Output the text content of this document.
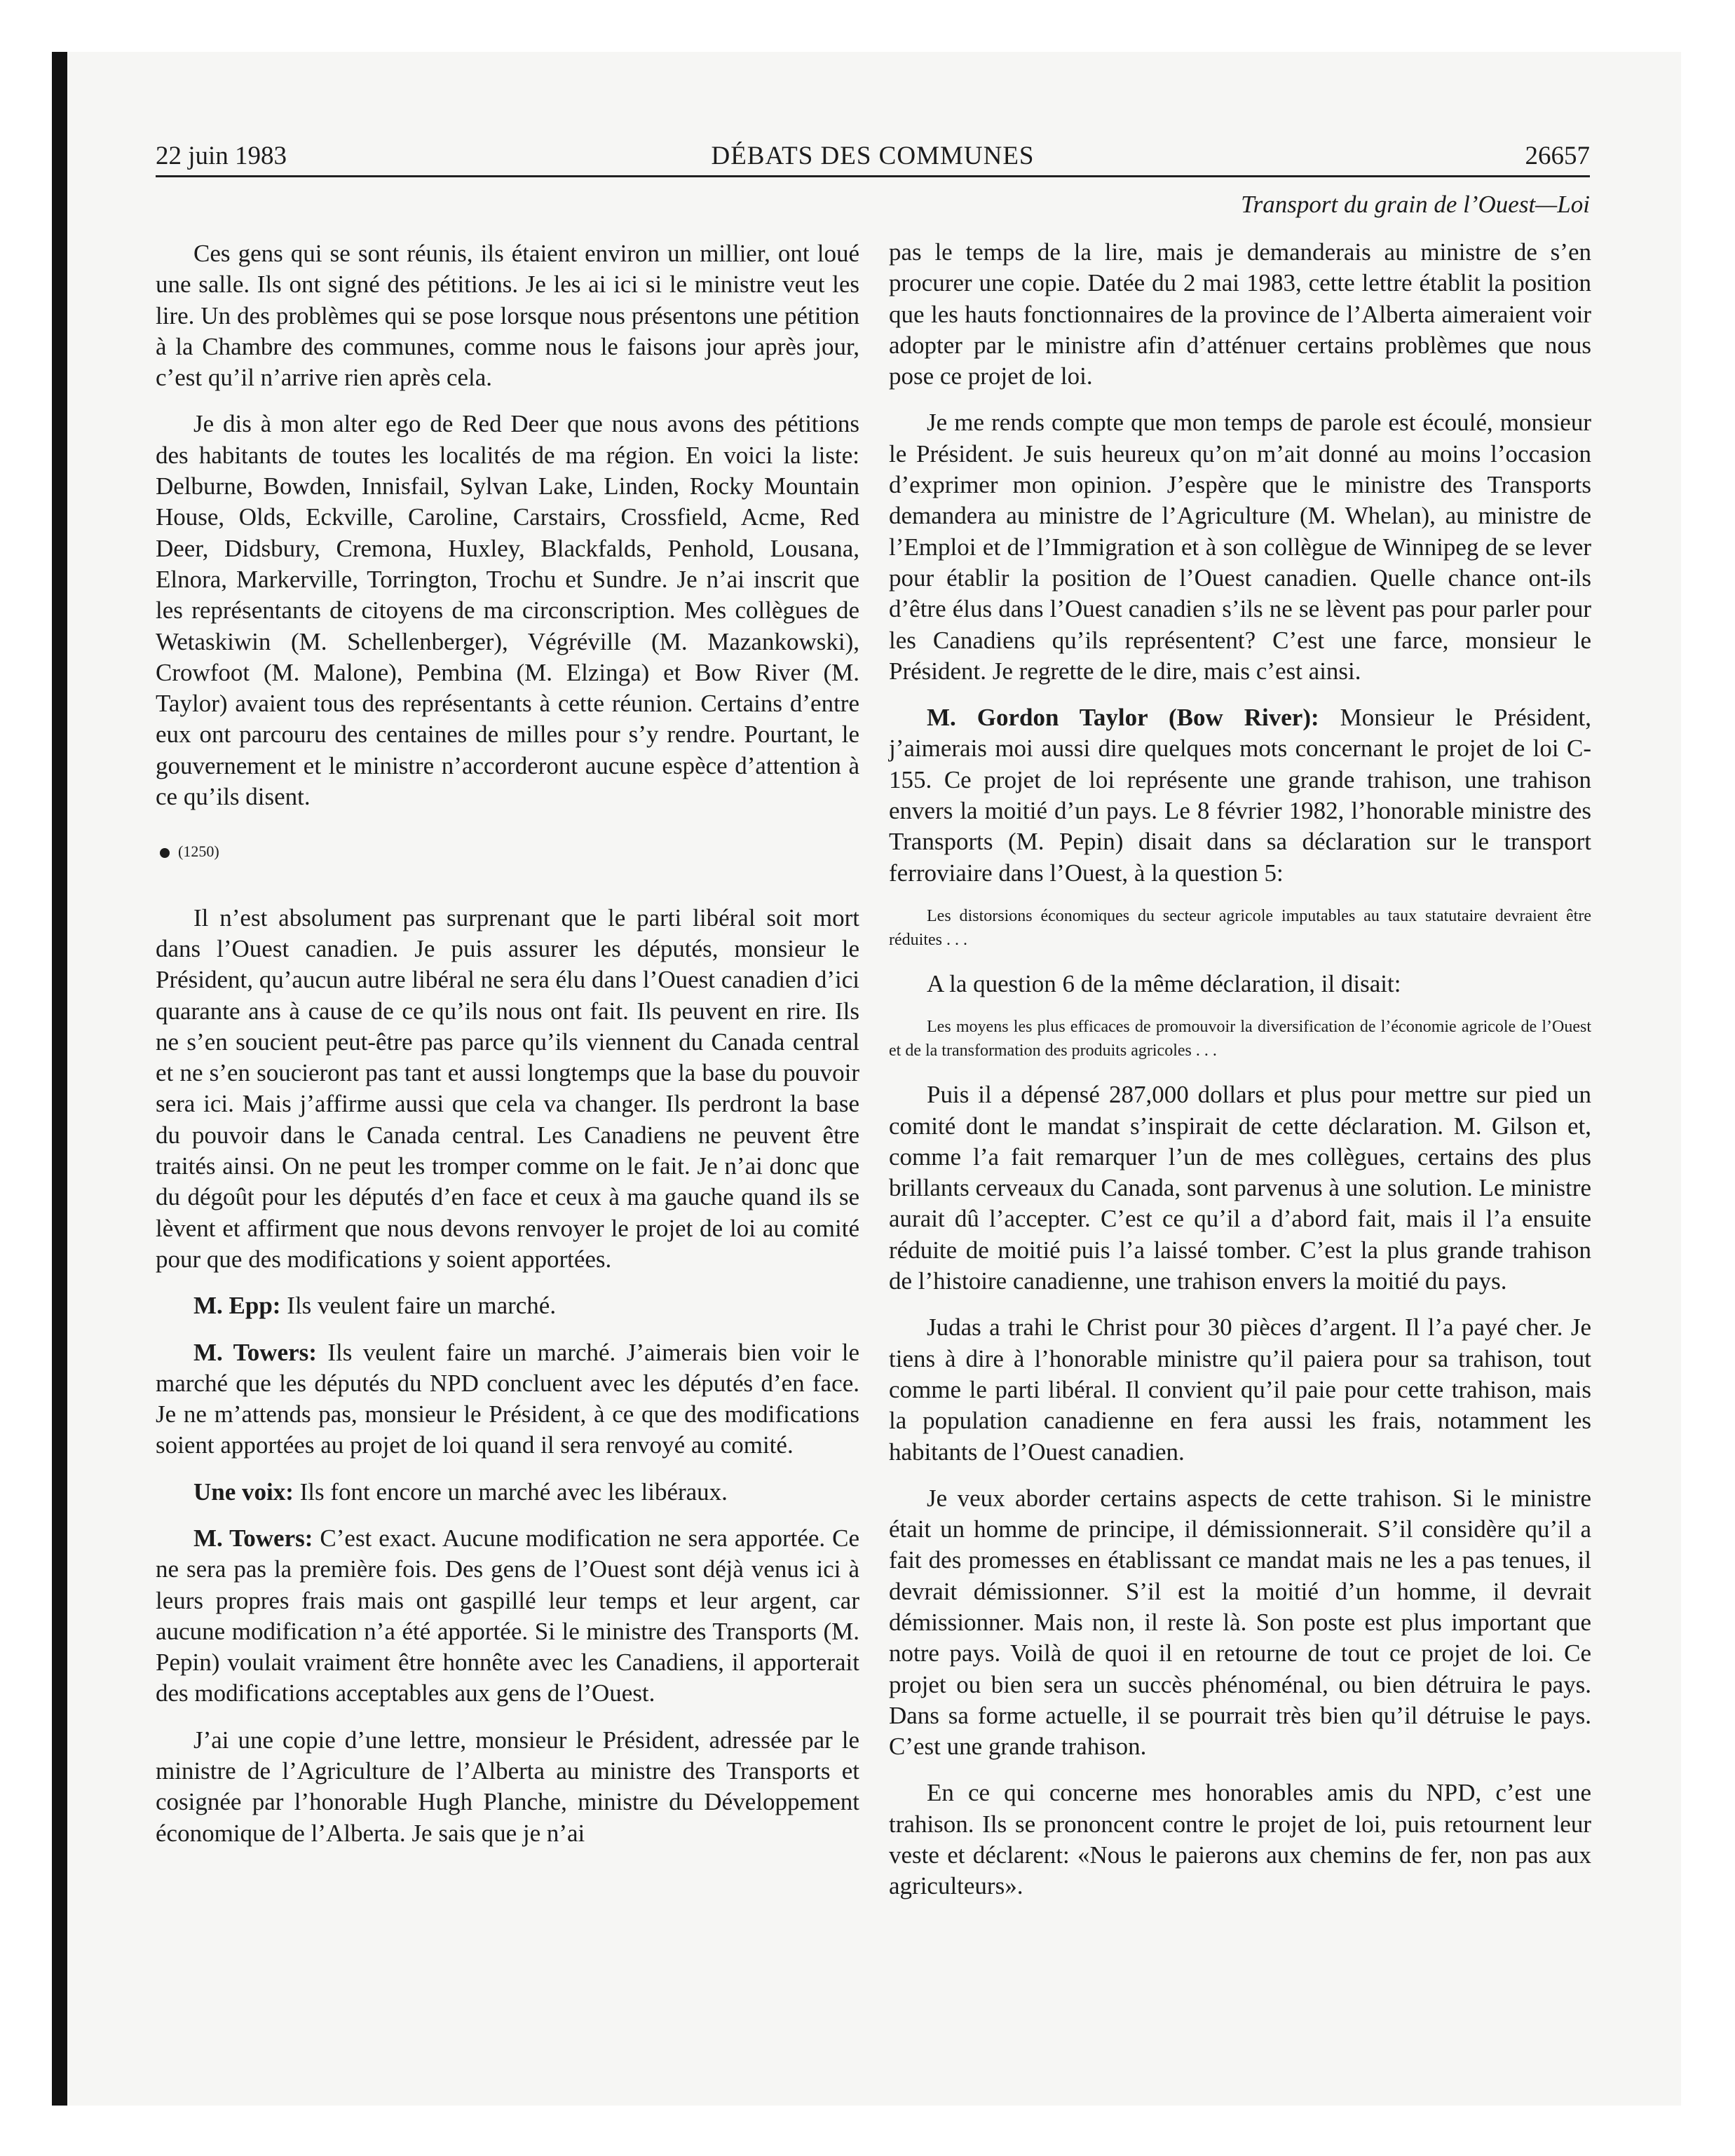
22 juin 1983	DÉBATS DES COMMUNES	26657
Transport du grain de l’Ouest—Loi

Ces gens qui se sont réunis, ils étaient environ un millier, ont loué une salle. Ils ont signé des pétitions. Je les ai ici si le ministre veut les lire. Un des problèmes qui se pose lorsque nous présentons une pétition à la Chambre des communes, comme nous le faisons jour après jour, c’est qu’il n’arrive rien après cela.

Je dis à mon alter ego de Red Deer que nous avons des pétitions des habitants de toutes les localités de ma région. En voici la liste: Delburne, Bowden, Innisfail, Sylvan Lake, Linden, Rocky Mountain House, Olds, Eckville, Caroline, Carstairs, Crossfield, Acme, Red Deer, Didsbury, Cremona, Huxley, Blackfalds, Penhold, Lousana, Elnora, Markerville, Torrington, Trochu et Sundre. Je n’ai inscrit que les représentants de citoyens de ma circonscription. Mes collègues de Wetaskiwin (M. Schellenberger), Végréville (M. Mazankowski), Crowfoot (M. Malone), Pembina (M. Elzinga) et Bow River (M. Taylor) avaient tous des représentants à cette réunion. Certains d’entre eux ont parcouru des centaines de milles pour s’y rendre. Pourtant, le gouvernement et le ministre n’accorderont aucune espèce d’attention à ce qu’ils disent.

(1250)

Il n’est absolument pas surprenant que le parti libéral soit mort dans l’Ouest canadien. Je puis assurer les députés, monsieur le Président, qu’aucun autre libéral ne sera élu dans l’Ouest canadien d’ici quarante ans à cause de ce qu’ils nous ont fait. Ils peuvent en rire. Ils ne s’en soucient peut-être pas parce qu’ils viennent du Canada central et ne s’en soucieront pas tant et aussi longtemps que la base du pouvoir sera ici. Mais j’affirme aussi que cela va changer. Ils perdront la base du pouvoir dans le Canada central. Les Canadiens ne peuvent être traités ainsi. On ne peut les tromper comme on le fait. Je n’ai donc que du dégoût pour les députés d’en face et ceux à ma gauche quand ils se lèvent et affirment que nous devons renvoyer le projet de loi au comité pour que des modifications y soient apportées.

M. Epp: Ils veulent faire un marché.

M. Towers: Ils veulent faire un marché. J’aimerais bien voir le marché que les députés du NPD concluent avec les députés d’en face. Je ne m’attends pas, monsieur le Président, à ce que des modifications soient apportées au projet de loi quand il sera renvoyé au comité.

Une voix: Ils font encore un marché avec les libéraux.

M. Towers: C’est exact. Aucune modification ne sera apportée. Ce ne sera pas la première fois. Des gens de l’Ouest sont déjà venus ici à leurs propres frais mais ont gaspillé leur temps et leur argent, car aucune modification n’a été apportée. Si le ministre des Transports (M. Pepin) voulait vraiment être honnête avec les Canadiens, il apporterait des modifications acceptables aux gens de l’Ouest.

J’ai une copie d’une lettre, monsieur le Président, adressée par le ministre de l’Agriculture de l’Alberta au ministre des Transports et cosignée par l’honorable Hugh Planche, ministre du Développement économique de l’Alberta. Je sais que je n’ai

pas le temps de la lire, mais je demanderais au ministre de s’en procurer une copie. Datée du 2 mai 1983, cette lettre établit la position que les hauts fonctionnaires de la province de l’Alberta aimeraient voir adopter par le ministre afin d’atténuer certains problèmes que nous pose ce projet de loi.

Je me rends compte que mon temps de parole est écoulé, monsieur le Président. Je suis heureux qu’on m’ait donné au moins l’occasion d’exprimer mon opinion. J’espère que le ministre des Transports demandera au ministre de l’Agriculture (M. Whelan), au ministre de l’Emploi et de l’Immigration et à son collègue de Winnipeg de se lever pour établir la position de l’Ouest canadien. Quelle chance ont-ils d’être élus dans l’Ouest canadien s’ils ne se lèvent pas pour parler pour les Canadiens qu’ils représentent? C’est une farce, monsieur le Président. Je regrette de le dire, mais c’est ainsi.

M. Gordon Taylor (Bow River): Monsieur le Président, j’aimerais moi aussi dire quelques mots concernant le projet de loi C-155. Ce projet de loi représente une grande trahison, une trahison envers la moitié d’un pays. Le 8 février 1982, l’honorable ministre des Transports (M. Pepin) disait dans sa déclaration sur le transport ferroviaire dans l’Ouest, à la question 5:

Les distorsions économiques du secteur agricole imputables au taux statutaire devraient être réduites . . .

A la question 6 de la même déclaration, il disait:

Les moyens les plus efficaces de promouvoir la diversification de l’économie agricole de l’Ouest et de la transformation des produits agricoles . . .

Puis il a dépensé 287,000 dollars et plus pour mettre sur pied un comité dont le mandat s’inspirait de cette déclaration. M. Gilson et, comme l’a fait remarquer l’un de mes collègues, certains des plus brillants cerveaux du Canada, sont parvenus à une solution. Le ministre aurait dû l’accepter. C’est ce qu’il a d’abord fait, mais il l’a ensuite réduite de moitié puis l’a laissé tomber. C’est la plus grande trahison de l’histoire canadienne, une trahison envers la moitié du pays.

Judas a trahi le Christ pour 30 pièces d’argent. Il l’a payé cher. Je tiens à dire à l’honorable ministre qu’il paiera pour sa trahison, tout comme le parti libéral. Il convient qu’il paie pour cette trahison, mais la population canadienne en fera aussi les frais, notamment les habitants de l’Ouest canadien.

Je veux aborder certains aspects de cette trahison. Si le ministre était un homme de principe, il démissionnerait. S’il considère qu’il a fait des promesses en établissant ce mandat mais ne les a pas tenues, il devrait démissionner. S’il est la moitié d’un homme, il devrait démissionner. Mais non, il reste là. Son poste est plus important que notre pays. Voilà de quoi il en retourne de tout ce projet de loi. Ce projet ou bien sera un succès phénoménal, ou bien détruira le pays. Dans sa forme actuelle, il se pourrait très bien qu’il détruise le pays. C’est une grande trahison.

En ce qui concerne mes honorables amis du NPD, c’est une trahison. Ils se prononcent contre le projet de loi, puis retournent leur veste et déclarent: «Nous le paierons aux chemins de fer, non pas aux agriculteurs».
